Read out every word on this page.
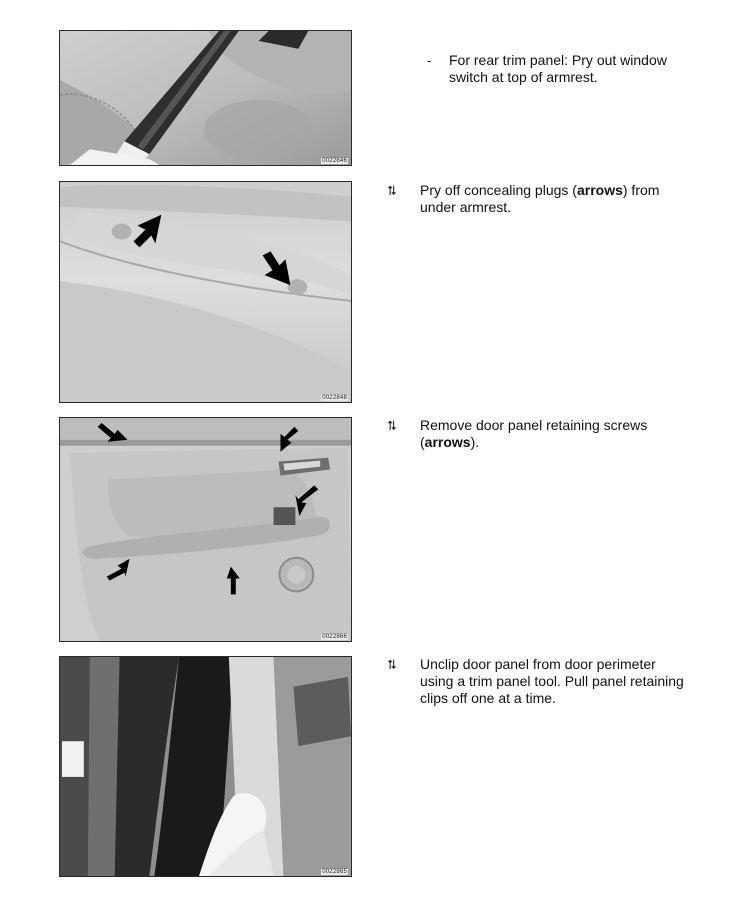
0022846
-	For rear trim panel: Pry out window switch at top of armrest.
0022848
⮁ Pry off concealing plugs (arrows) from under armrest.
0022866
⮁ Remove door panel retaining screws (arrows).
0022865
⮁ Unclip door panel from door perimeter using a trim panel tool. Pull panel retaining clips off one at a time.
